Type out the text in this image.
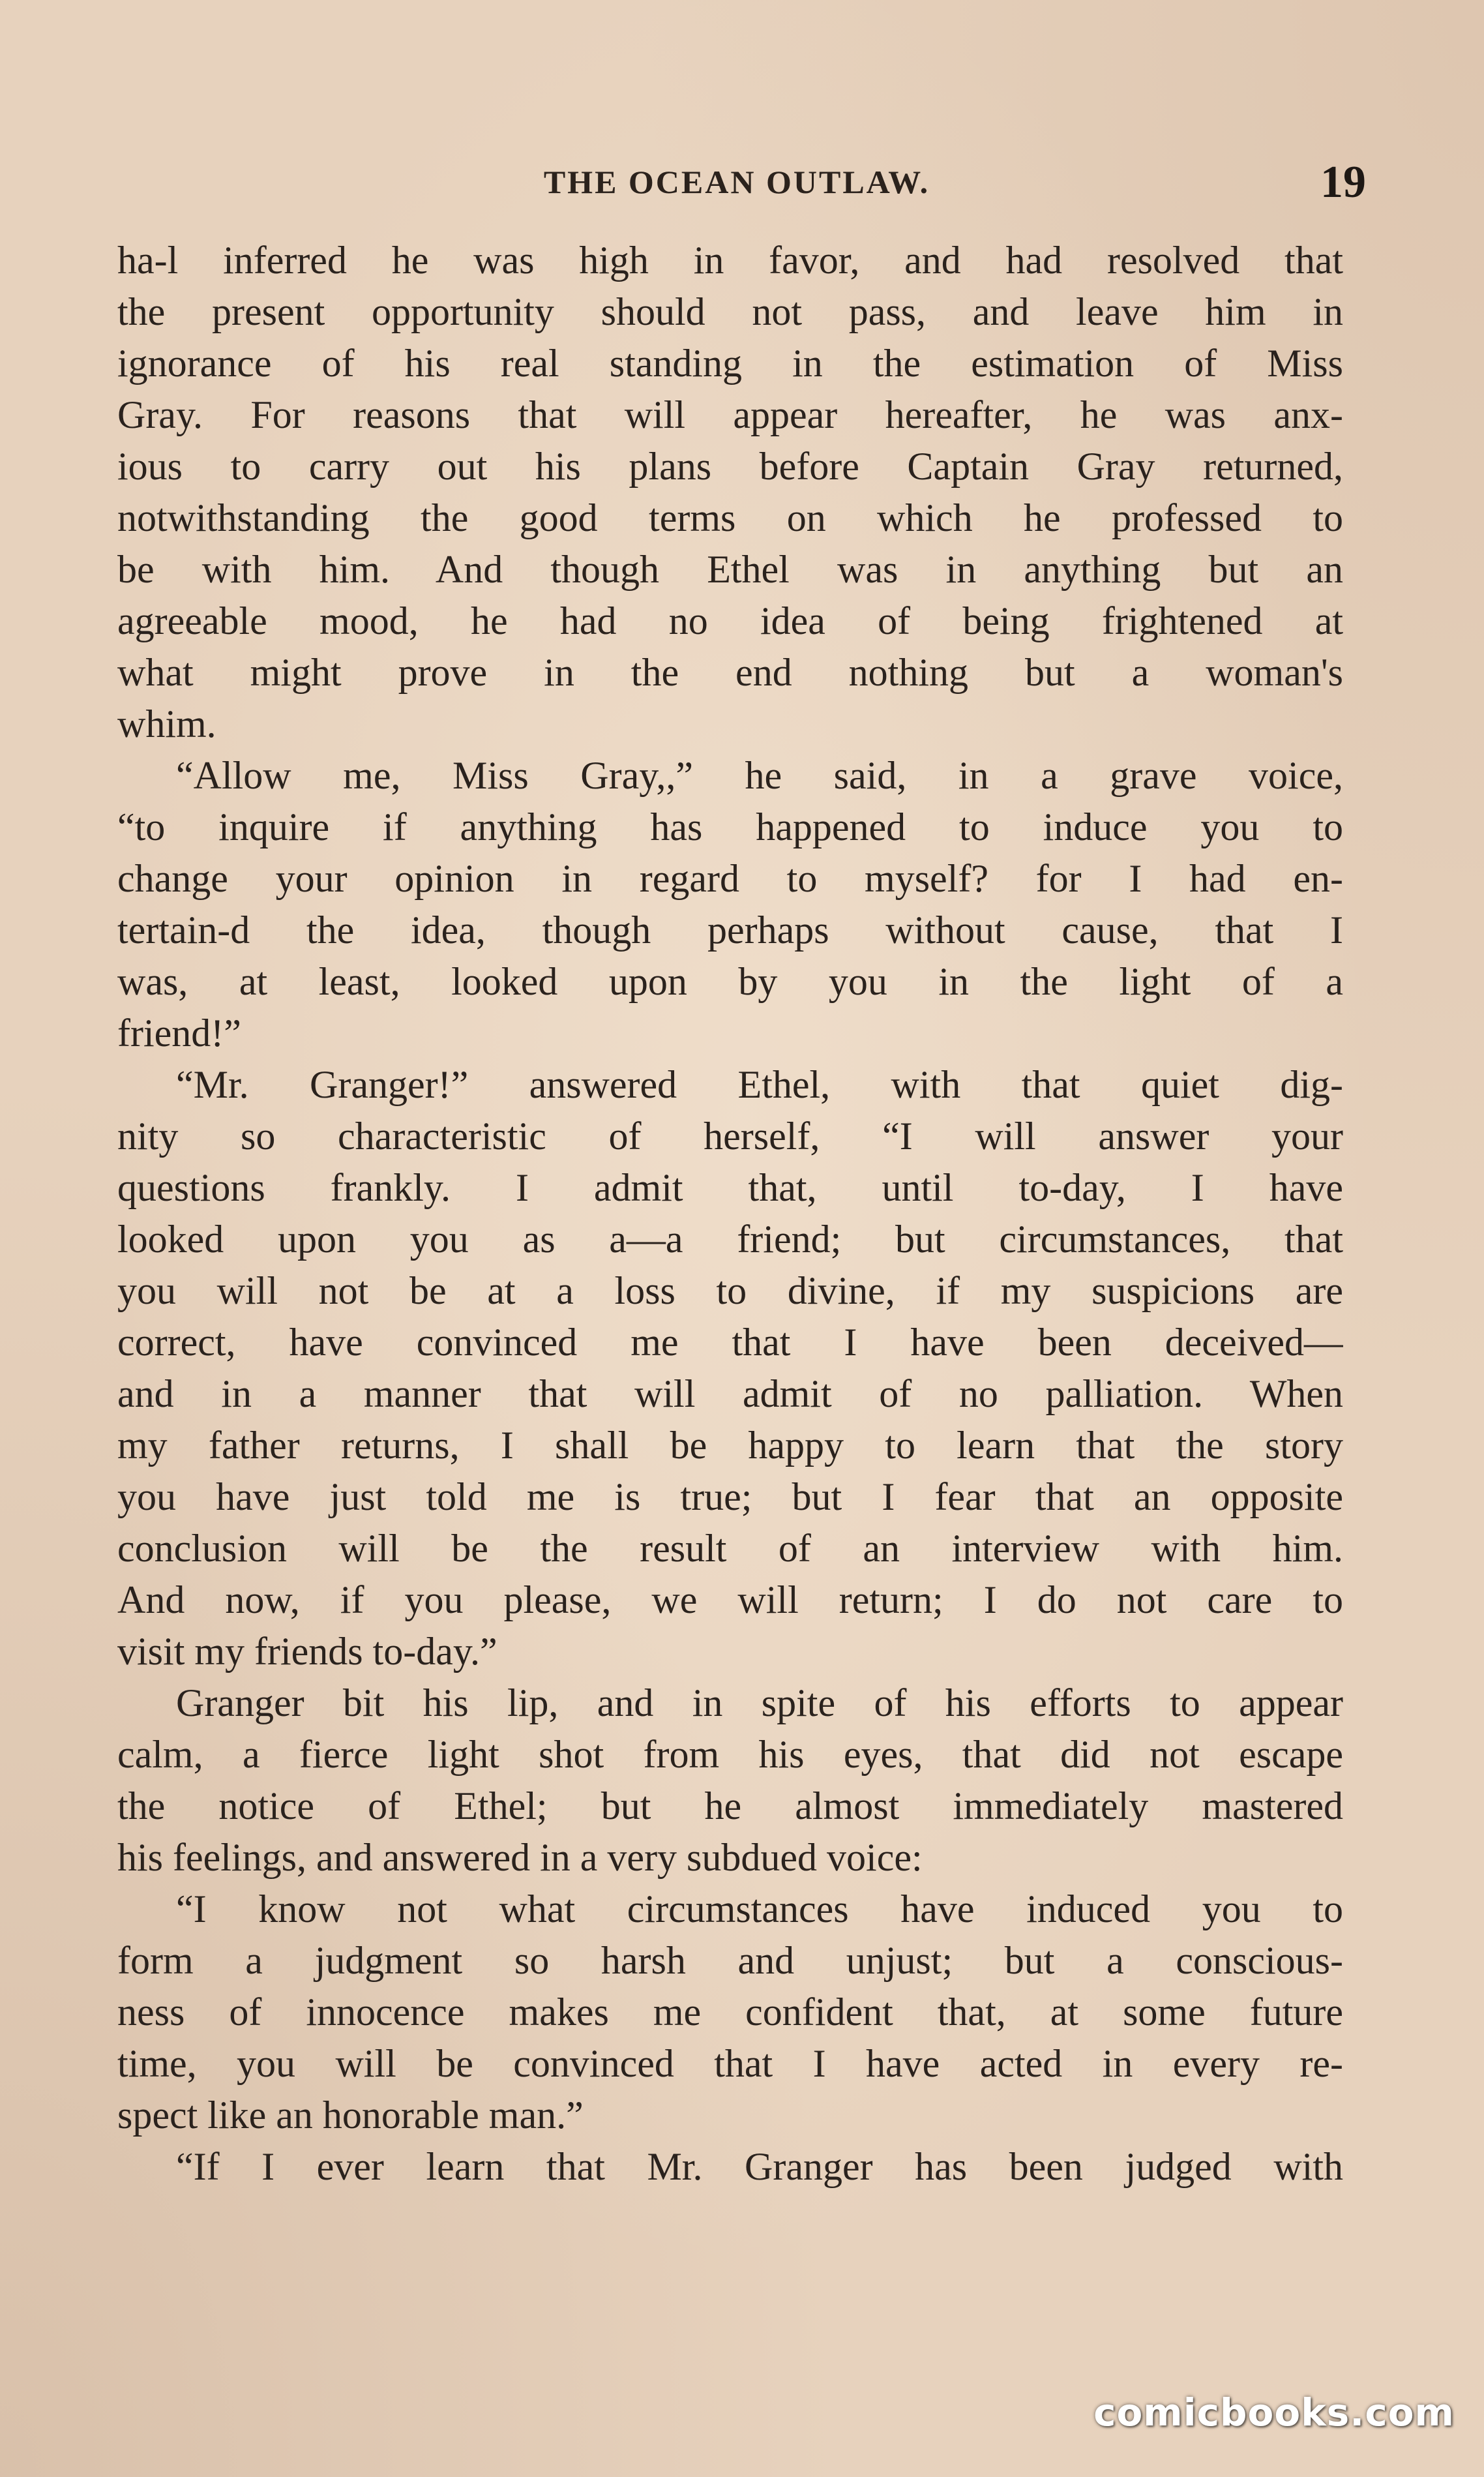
THE OCEAN OUTLAW.	19
ha-l inferred he was high in favor, and had resolved that
the present opportunity should not pass, and leave him in
ignorance of his real standing in the estimation of Miss
Gray. For reasons that will appear hereafter, he was anx-
ious to carry out his plans before Captain Gray returned,
notwithstanding the good terms on which he professed to
be with him. And though Ethel was in anything but an
agreeable mood, he had no idea of being frightened at
what might prove in the end nothing but a woman's
whim.
“Allow me, Miss Gray,,” he said, in a grave voice,
“to inquire if anything has happened to induce you to
change your opinion in regard to myself? for I had en-
tertain-d the idea, though perhaps without cause, that I
was, at least, looked upon by you in the light of a
friend!”
“Mr. Granger!” answered Ethel, with that quiet dig-
nity so characteristic of herself, “I will answer your
questions frankly. I admit that, until to-day, I have
looked upon you as a—a friend; but circumstances, that
you will not be at a loss to divine, if my suspicions are
correct, have convinced me that I have been deceived—
and in a manner that will admit of no palliation. When
my father returns, I shall be happy to learn that the story
you have just told me is true; but I fear that an opposite
conclusion will be the result of an interview with him.
And now, if you please, we will return; I do not care to
visit my friends to-day.”
Granger bit his lip, and in spite of his efforts to appear
calm, a fierce light shot from his eyes, that did not escape
the notice of Ethel; but he almost immediately mastered
his feelings, and answered in a very subdued voice:
“I know not what circumstances have induced you to
form a judgment so harsh and unjust; but a conscious-
ness of innocence makes me confident that, at some future
time, you will be convinced that I have acted in every re-
spect like an honorable man.”
“If I ever learn that Mr. Granger has been judged with
comicbooks.com
